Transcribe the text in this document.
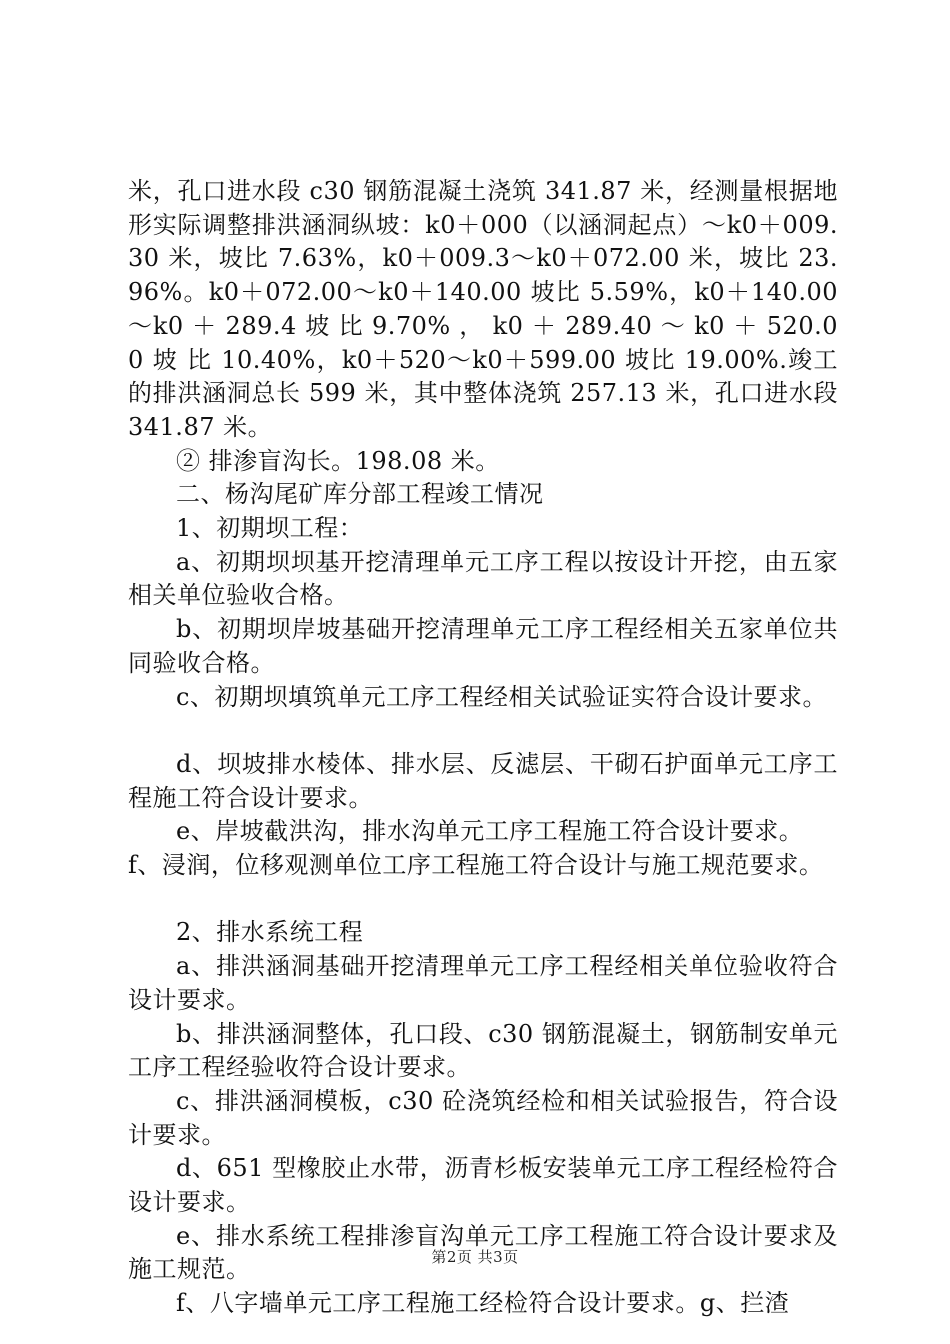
米，孔口进水段 c30 钢筋混凝土浇筑 341.87 米，经测量根据地形实际调整排洪涵洞纵坡：k0＋000（以涵洞起点）～k0＋009.30 米，坡比 7.63%，k0＋009.3～k0＋072.00 米，坡比 23.96%。k0＋072.00～k0＋140.00 坡比 5.59%，k0＋140.00～k0 ＋ 289.4 坡 比 9.70% ， k0 ＋ 289.40 ～ k0 ＋ 520.00 坡 比 10.40%，k0＋520～k0＋599.00 坡比 19.00%.竣工的排洪涵洞总长 599 米，其中整体浇筑 257.13 米，孔口进水段 341.87 米。

② 排渗盲沟长。198.08 米。

二、杨沟尾矿库分部工程竣工情况

1、初期坝工程：

a、初期坝坝基开挖清理单元工序工程以按设计开挖，由五家相关单位验收合格。

b、初期坝岸坡基础开挖清理单元工序工程经相关五家单位共同验收合格。

c、初期坝填筑单元工序工程经相关试验证实符合设计要求。

d、坝坡排水棱体、排水层、反滤层、干砌石护面单元工序工程施工符合设计要求。

e、岸坡截洪沟，排水沟单元工序工程施工符合设计要求。

f、浸润，位移观测单位工序工程施工符合设计与施工规范要求。

2、排水系统工程

a、排洪涵洞基础开挖清理单元工序工程经相关单位验收符合设计要求。

b、排洪涵洞整体，孔口段、c30 钢筋混凝土，钢筋制安单元工序工程经验收符合设计要求。

c、排洪涵洞模板，c30 砼浇筑经检和相关试验报告，符合设计要求。

d、651 型橡胶止水带，沥青杉板安装单元工序工程经检符合设计要求。

e、排水系统工程排渗盲沟单元工序工程施工符合设计要求及施工规范。

f、八字墙单元工序工程施工经检符合设计要求。g、拦渣

第2页 共3页
